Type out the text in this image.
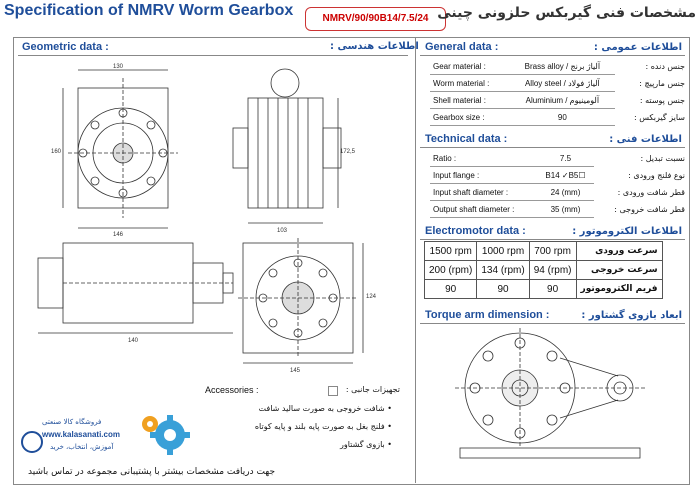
Specification of NMRV Worm Gearbox	NMRV/90/90B14/7.5/24 مشخصات فنی گیربکس حلزونی چینی
Geometric data :	اطلاعات هندسی :
130
160
146
103
172,5
140
145
124
Accessories :	تجهیزات جانبی :
• شافت خروجی به صورت سالید شافت
• فلنج بغل به صورت پایه بلند و پایه کوتاه
• بازوی گشتاور
فروشگاه کالا صنعتی
www.kalasanati.com
آموزش، انتخاب، خرید
جهت دریافت مشخصات بیشتر با پشتیبانی مجموعه در تماس باشید
General data :	اطلاعات عمومی :
Gear material :	Brass alloy / آلیاژ برنج	جنس دنده :
Worm material :	Alloy steel / آلیاژ فولاد	جنس مارپیچ :
Shell material :	Aluminium / آلومینیوم	جنس پوسته :
Gearbox size :	90	سایز گیربکس :
Technical data :	اطلاعات فنی :
Ratio :	7.5	نسبت تبدیل :
Input flange :	B14 ✓B5☐	نوع فلنج ورودی :
Input shaft diameter :	24 (mm)	قطر شافت ورودی :
Output shaft diameter :	35 (mm)	قطر شافت خروجی :
Electromotor data :	اطلاعات الکتروموتور :
1500 rpm	1000 rpm	700 rpm	سرعت ورودی
200 (rpm)	134 (rpm)	94 (rpm)	سرعت خروجی
90	90	90	فریم الکتروموتور
Torque arm dimension :	ابعاد بازوی گشتاور :
